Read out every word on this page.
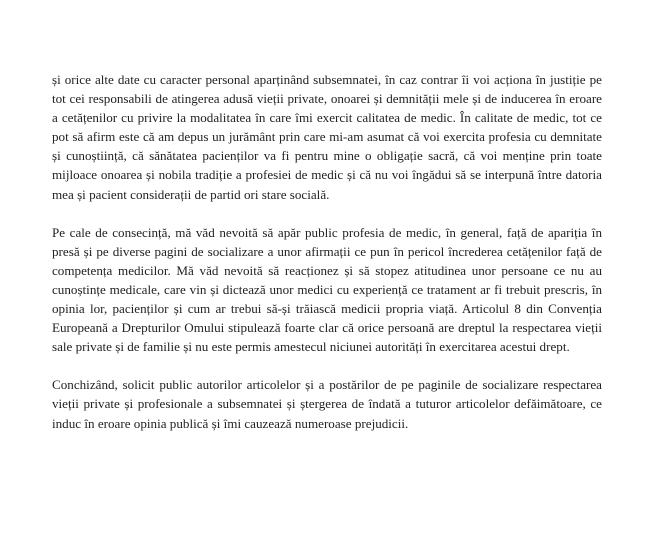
și orice alte date cu caracter personal aparținând subsemnatei, în caz contrar îi voi acționa în justiție pe tot cei responsabili de atingerea adusă vieții private, onoarei și demnității mele și de inducerea în eroare a cetățenilor cu privire la modalitatea în care îmi exercit calitatea de medic. În calitate de medic, tot ce pot să afirm este că am depus un jurământ prin care mi-am asumat că voi exercita profesia cu demnitate și cunoștiință, că sănătatea pacienților va fi pentru mine o obligație sacră, că voi menține prin toate mijloace onoarea și nobila tradiție a profesiei de medic și că nu voi îngădui să se interpună între datoria mea și pacient considerații de partid ori stare socială.

Pe cale de consecință, mă văd nevoită să apăr public profesia de medic, în general, față de apariția în presă și pe diverse pagini de socializare a unor afirmații ce pun în pericol încrederea cetățenilor față de competența medicilor. Mă văd nevoită să reacționez și să stopez atitudinea unor persoane ce nu au cunoștințe medicale, care vin și dictează unor medici cu experiență ce tratament ar fi trebuit prescris, în opinia lor, pacienților și cum ar trebui să-și trăiască medicii propria viață. Articolul 8 din Convenția Europeană a Drepturilor Omului stipulează foarte clar că orice persoană are dreptul la respectarea vieții sale private și de familie și nu este permis amestecul niciunei autorități în exercitarea acestui drept.

Conchizând, solicit public autorilor articolelor și a postărilor de pe paginile de socializare respectarea vieții private și profesionale a subsemnatei și ștergerea de îndată a tuturor articolelor defăimătoare, ce induc în eroare opinia publică și îmi cauzează numeroase prejudicii.
